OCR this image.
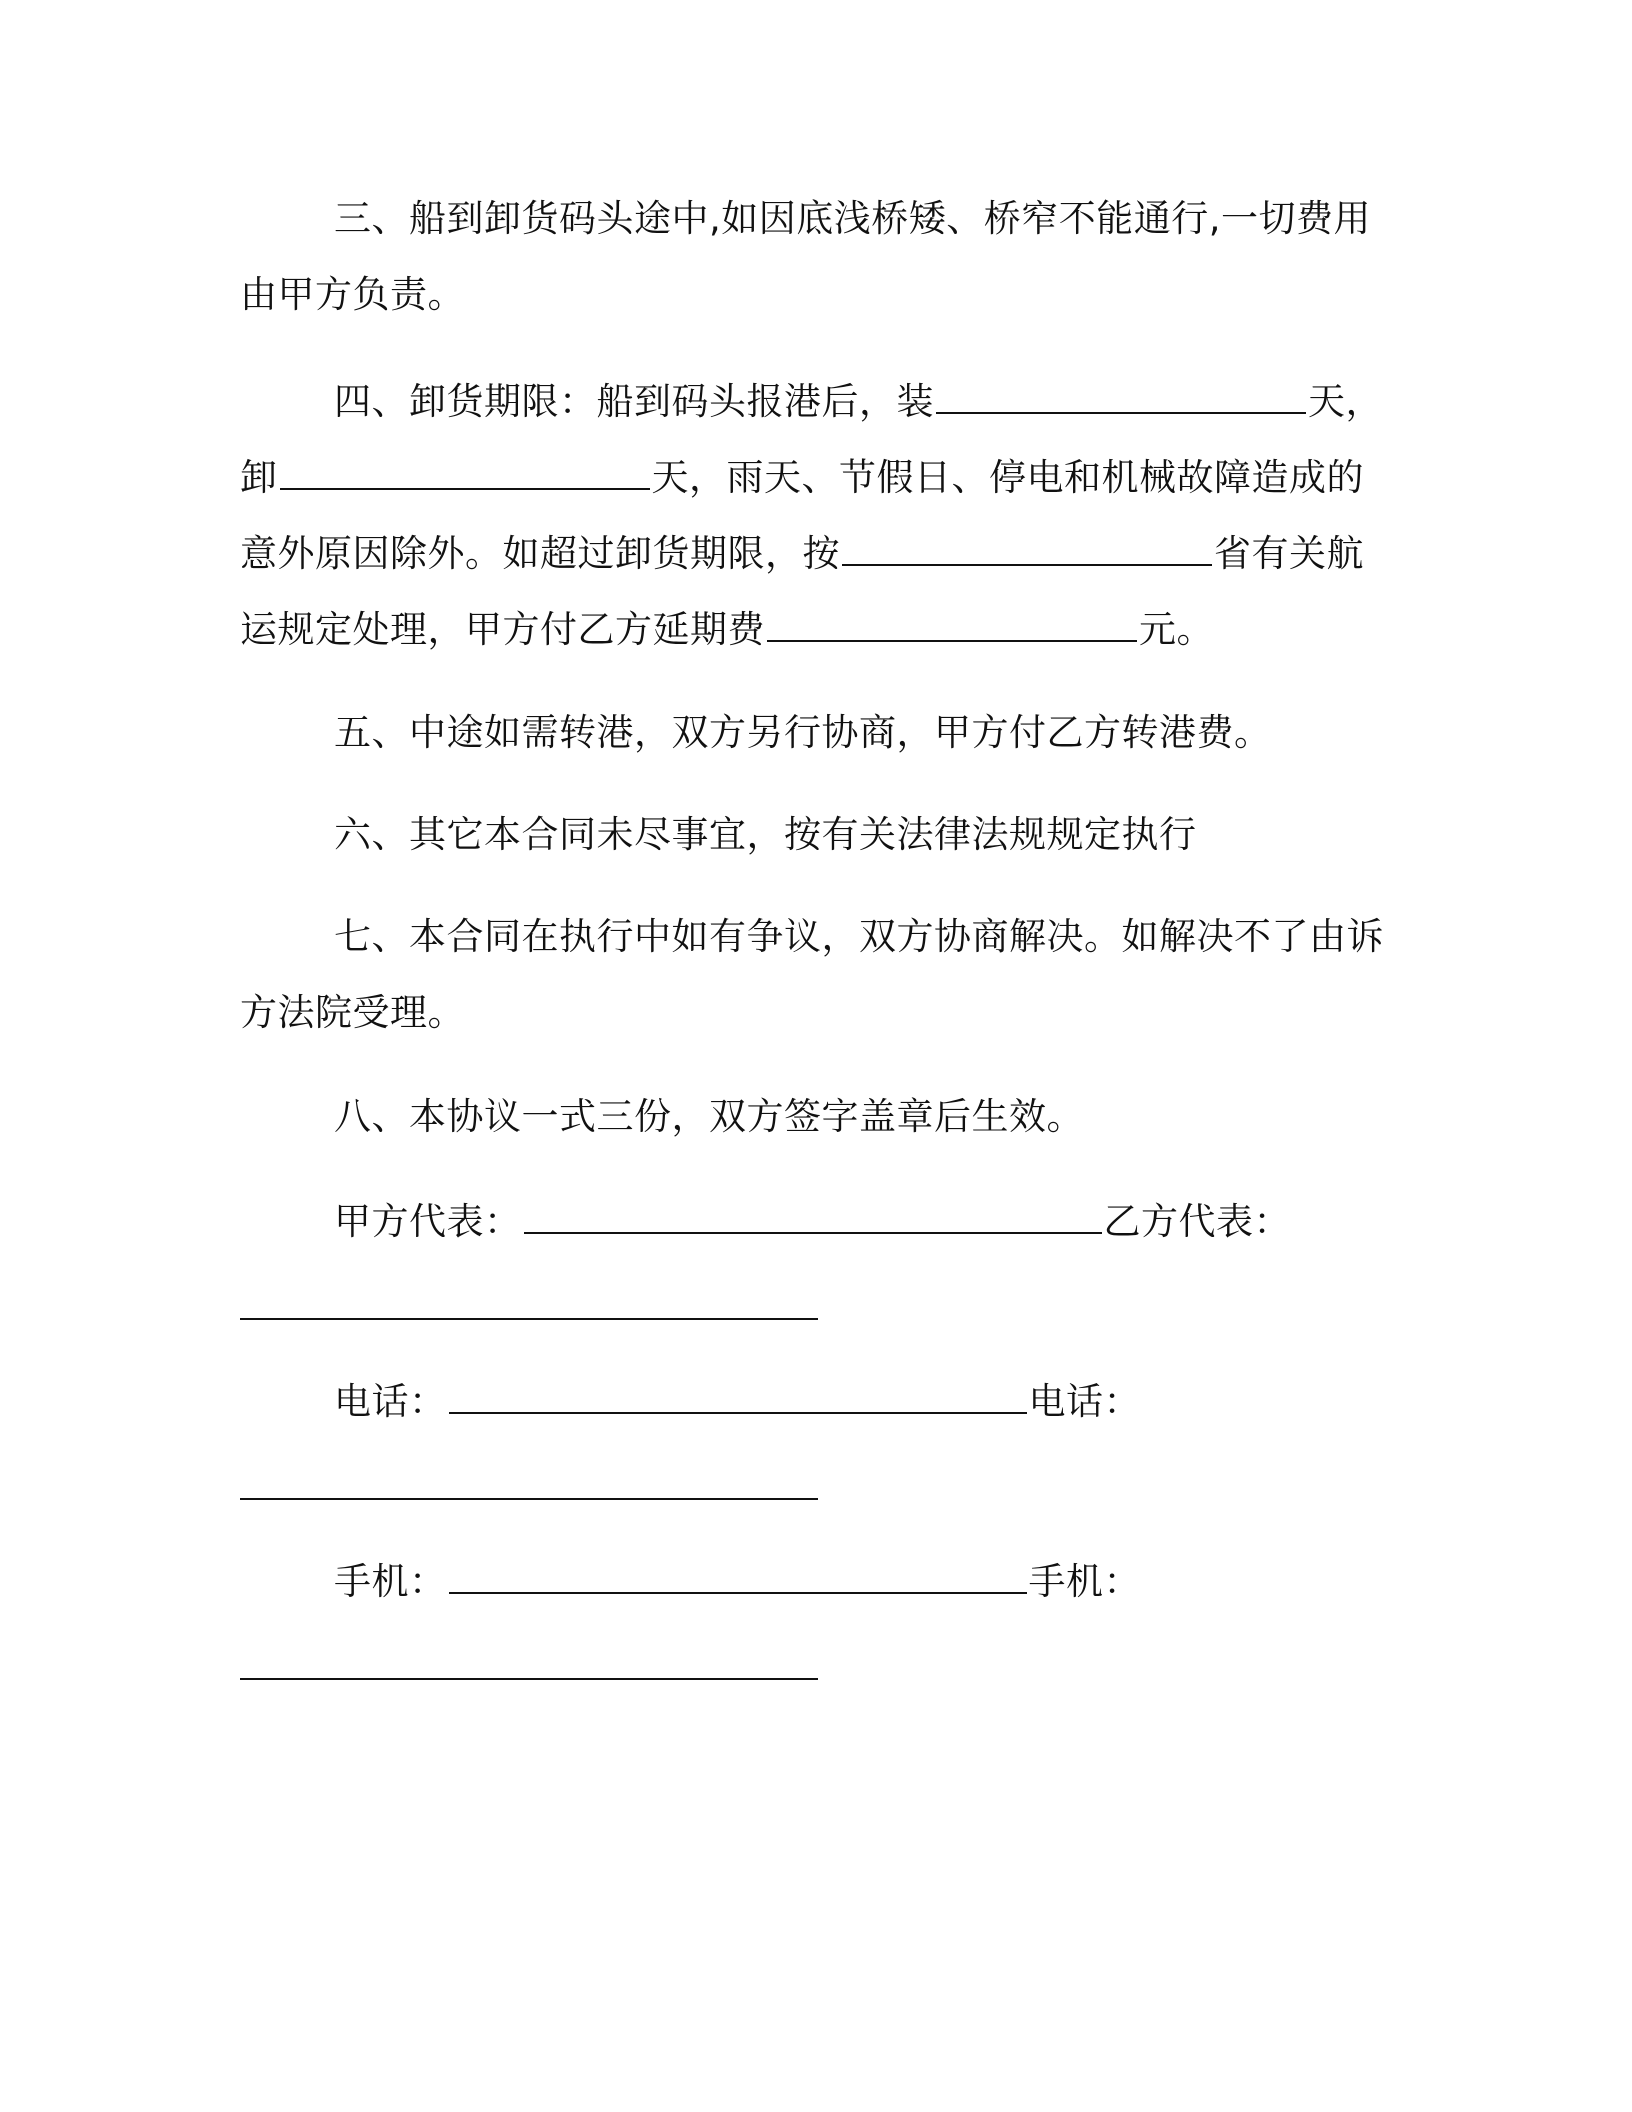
三、船到卸货码头途中,如因底浅桥矮、桥窄不能通行,一切费用
由甲方负责。
四、卸货期限：船到码头报港后，装	天，
卸	天，雨天、节假日、停电和机械故障造成的
意外原因除外。如超过卸货期限，按	省有关航
运规定处理，甲方付乙方延期费	元。
五、中途如需转港，双方另行协商，甲方付乙方转港费。
六、其它本合同未尽事宜，按有关法律法规规定执行
七、本合同在执行中如有争议，双方协商解决。如解决不了由诉
方法院受理。
八、本协议一式三份，双方签字盖章后生效。
甲方代表：	乙方代表：
电话：	电话：
手机：	手机：
